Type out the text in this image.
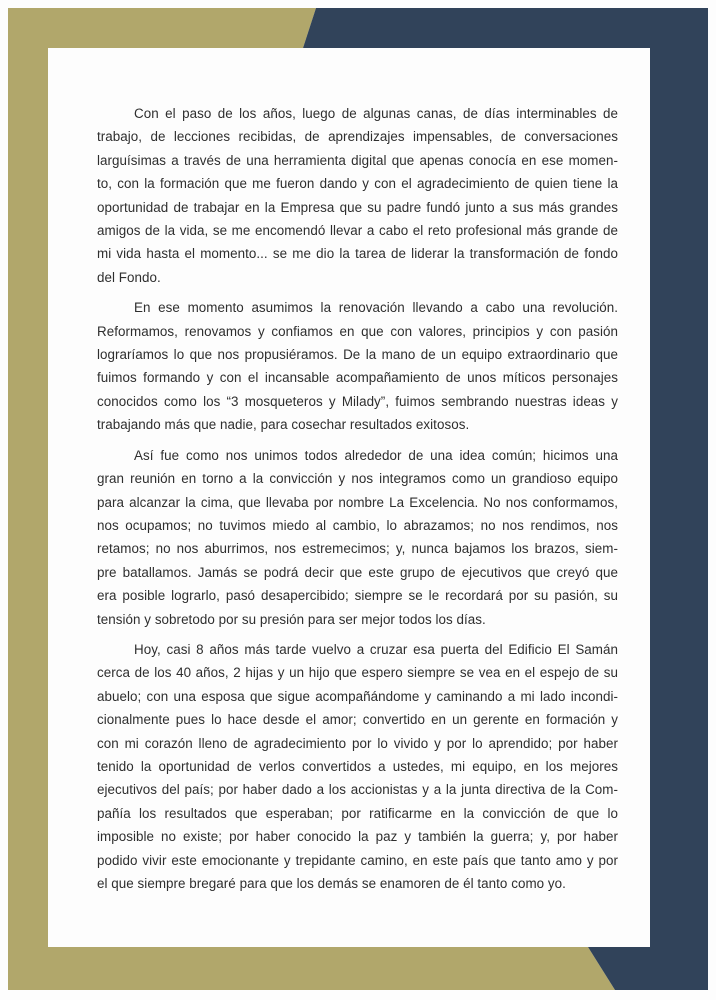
Con el paso de los años, luego de algunas canas, de días interminables de
trabajo, de lecciones recibidas, de aprendizajes impensables, de conversaciones
larguísimas a través de una herramienta digital que apenas conocía en ese momen-
to, con la formación que me fueron dando y con el agradecimiento de quien tiene la
oportunidad de trabajar en la Empresa que su padre fundó junto a sus más grandes
amigos de la vida, se me encomendó llevar a cabo el reto profesional más grande de
mi vida hasta el momento... se me dio la tarea de liderar la transformación de fondo
del Fondo.
En ese momento asumimos la renovación llevando a cabo una revolución.
Reformamos, renovamos y confiamos en que con valores, principios y con pasión
lograríamos lo que nos propusiéramos. De la mano de un equipo extraordinario que
fuimos formando y con el incansable acompañamiento de unos míticos personajes
conocidos como los “3 mosqueteros y Milady”, fuimos sembrando nuestras ideas y
trabajando más que nadie, para cosechar resultados exitosos.
Así fue como nos unimos todos alrededor de una idea común; hicimos una
gran reunión en torno a la convicción y nos integramos como un grandioso equipo
para alcanzar la cima, que llevaba por nombre La Excelencia. No nos conformamos,
nos ocupamos; no tuvimos miedo al cambio, lo abrazamos; no nos rendimos, nos
retamos; no nos aburrimos, nos estremecimos; y, nunca bajamos los brazos, siem-
pre batallamos. Jamás se podrá decir que este grupo de ejecutivos que creyó que
era posible lograrlo, pasó desapercibido; siempre se le recordará por su pasión, su
tensión y sobretodo por su presión para ser mejor todos los días.
Hoy, casi 8 años más tarde vuelvo a cruzar esa puerta del Edificio El Samán
cerca de los 40 años, 2 hijas y un hijo que espero siempre se vea en el espejo de su
abuelo; con una esposa que sigue acompañándome y caminando a mi lado incondi-
cionalmente pues lo hace desde el amor; convertido en un gerente en formación y
con mi corazón lleno de agradecimiento por lo vivido y por lo aprendido; por haber
tenido la oportunidad de verlos convertidos a ustedes, mi equipo, en los mejores
ejecutivos del país; por haber dado a los accionistas y a la junta directiva de la Com-
pañía los resultados que esperaban; por ratificarme en la convicción de que lo
imposible no existe; por haber conocido la paz y también la guerra; y, por haber
podido vivir este emocionante y trepidante camino, en este país que tanto amo y por
el que siempre bregaré para que los demás se enamoren de él tanto como yo.
